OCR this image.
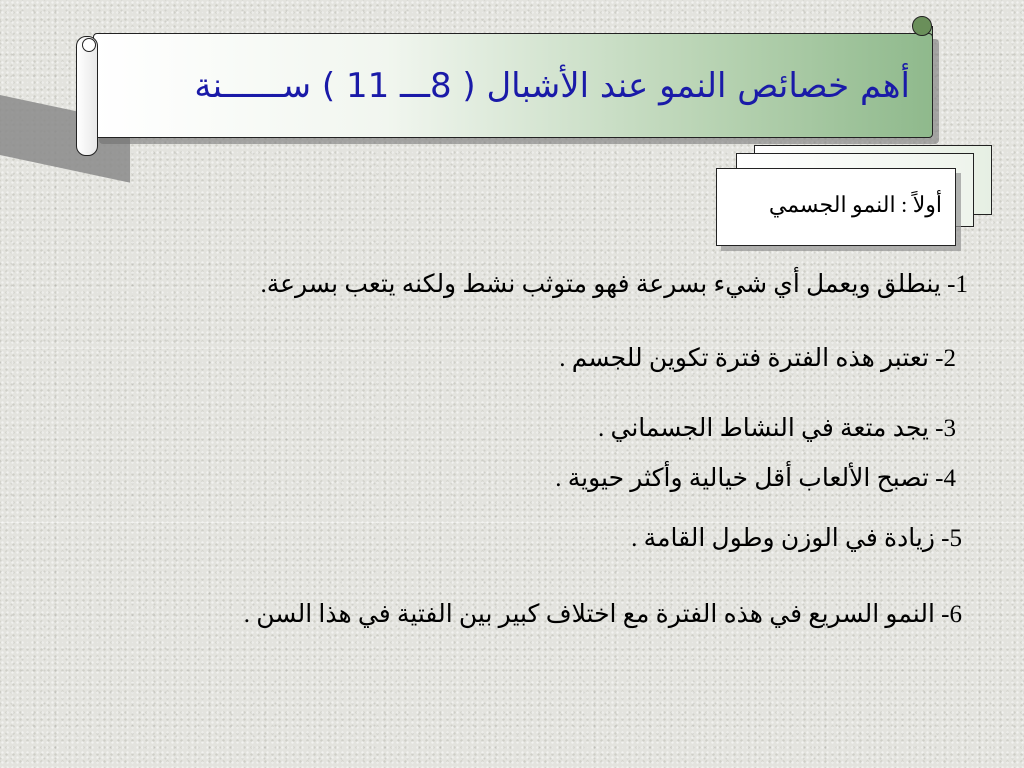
أهم خصائص النمو عند الأشبال ( 8ـــ 11 ) ســــــنة
أولاً : النمو الجسمي
1- ينطلق ويعمل أي شيء بسرعة فهو متوثب نشط ولكنه يتعب بسرعة.
2- تعتبر هذه الفترة فترة تكوين للجسم .
3- يجد متعة في النشاط الجسماني .
4- تصبح الألعاب أقل خيالية وأكثر حيوية .
5- زيادة في الوزن وطول القامة .
6- النمو السريع في هذه الفترة مع اختلاف كبير بين الفتية في هذا السن .
